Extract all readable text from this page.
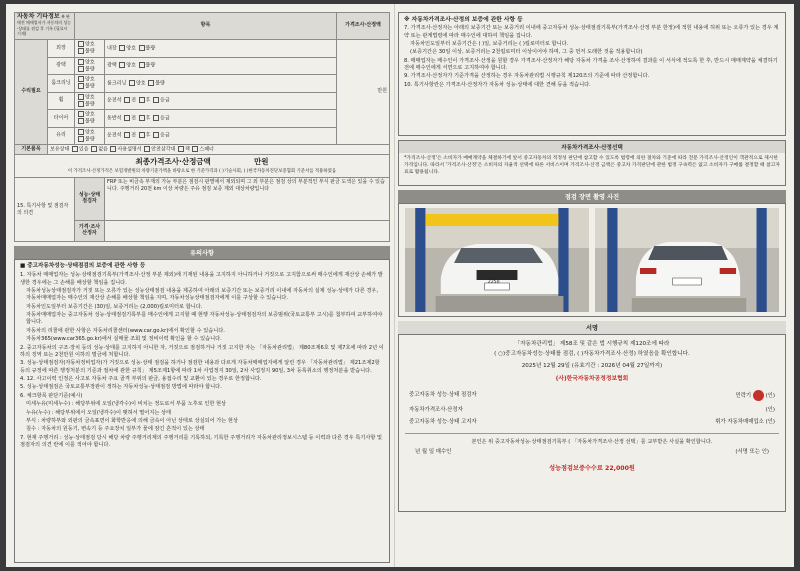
자동차 기타정보 ※ 판매전 매매업자가 자동차의 성능·상태를 점검 후 기록 (필요시 기재)		항목		가격조사·산정액
수리필요	외장	양호 불량	내장 양호 불량	만원
	광택	양호 불량	광택 양호 불량	
	룸크리닝	양호 불량	룸크리닝 양호 불량	
	휠	양호 불량	운전석 전 후 응급	
	타이어	양호 불량	동반석 전 후 응급	
	유리	양호 불량	운전석 전 후 응급	
기본품목	보유상태 있음 없음 사용설명서 안전삼각대 잭 스패너			
최종가격조사·산정금액 만원
이 가격조사·산정가격은 보험개발원의 차량기준가액을 바탕으로 한 기준가격과 ( )기술사회, ( )한국자동차진단보증협회 기준서를 적용하였음				

15. 특기사항 및 점검자의 의견		성능·상태점검자	FRP 또는 비금속 부재의 가능 부분은 점검시 판별에서 제외되며 그 외 부분은 점검 상의 부분적인 부식 판금 도색은 있을 수 있습니다. 주행거리 20천 km 이상 차량은 주유 점검 보증 제외 대상차량입니다	
		가격·조사 산정자		
유의사항

■ 중고자동차성능·상태점검의 보증에 관한 사항 등

1. 자동차 매매업자는 성능·상태점검기록부(가격조사·산정 부분 제외)에 기재된 내용을 고지하지 아니하거나 거짓으로 고지함으로써 매수인에게 재산상 손해가 발생한 경우에는 그 손해를 배상할 책임을 집니다.

자동차성능상태점검자가 거짓 또는 오류가 있는 성능상태점검 내용을 제공하여 아래의 보증기간 또는 보증거리 이내에 자동차의 실제 성능·상태가 다른 경우, 자동차매매업자는 매수인의 재산상 손해를 배상할 책임을 지며, 자동차성능상태점검자에게 이를 구상할 수 있습니다.

자동차인도일부터 보증기간은 (30)일, 보증거리는 (2,000)킬로미터로 합니다.

자동차매매업자는 중고자동차 성능·상태점검기록부를 매수인에게 고지할 때 현행 자동차성능·상태점검자의 보증범위(국토교통부 고시)를 첨부하여 교부하여야 합니다.

자동차의 리콜에 관한 사항은 자동차리콜센터(www.car.go.kr)에서 확인할 수 있습니다.

자동차365(www.car365.go.kr)에서 실매물 조회 및 정비이력 확인을 할 수 있습니다.

2. 중고자동차의 구조·장치 등의 성능·상태를 고지하지 아니한 자, 거짓으로 점검하거나 거짓 고지한 자는 「자동차관리법」 제80조제6호 및 제7호에 따라 2년 이하의 징역 또는 2천만원 이하의 벌금에 처합니다.

3. 성능·상태점검자(자동차정비업자)가 거짓으로 성능·상태 점검을 하거나 점검한 내용과 다르게 자동차매매업자에게 알린 경우 「자동차관리법」 제21조제2항 등의 규정에 따른 행정처분의 기준과 절차에 관한 규칙」 제5조제1항에 따라 1차 사업정지 30일, 2차 사업정지 90일, 3차 등록취소의 행정처분을 받습니다.

4. 12. 사고이력 인정은 사고로 자동차 주요 골격 부위의 판금, 용접수리 및 교환이 있는 경우로 한정합니다.

5. 성능·상태점검은 국토교통부장관이 정하는 자동차성능·상태점검 방법에 따라야 합니다.

6. 체크항목 판단기준(예시)

미세누유(미세누수) : 해당부위에 오일(냉각수)이 비치는 정도로서 부품 노후로 인한 현상

누유(누수) : 해당부위에서 오일(냉각수)이 맺혀서 떨어지는 상태

부식 : 차량하부와 외판의 금속표면이 화학반응에 의해 금속이 아닌 상태로 상실되어 가는 현상

침수 : 자동차의 원동기, 변속기 등 주요장치 일부가 물에 잠긴 흔적이 있는 상태

7. 현재 주행거리 : 성능·상태점검 당시 해당 차량 주행거리계의 주행거리를 기록하되, 기록한 주행거리가 자동차관리정보시스템 등 이력과 다른 경우 특기사항 및 점검자의 의견 란에 이를 적어야 합니다.

※ 자동차가격조사·산정의 보증에 관한 사항 등

7. 가격조사·산정자는 아래의 보증기간 또는 보증거리 이내에 중고자동차 성능·상태점검기록부(가격조사·산정 부분 한정)에 적힌 내용에 허위 또는 오류가 있는 경우 계약 또는 관계법령에 따라 매수인에 대하여 책임을 집니다.

자동차인도일부터 보증기간은 ( )일, 보증거리는 ( )킬로미터로 합니다.

(보증기간은 30일 이상, 보증거리는 2천킬로미터 이상이어야 하며, 그 중 먼저 도래한 것을 적용합니다)

8. 매매업자는 매수인이 가격조사·산정을 원할 경우 가격조사·산정자가 해당 자동차 가격을 조사·산정하여 결과를 이 서식에 적도록 한 후, 반드시 매매계약을 체결하기 전에 매수인에게 서면으로 고지하여야 합니다.

9. 가격조사·산정자가 기준가격을 산정하는 경우 자동차관리법 시행규칙 제120조의 기준에 따라 산정합니다.

10. 특기사항란은 가격조사·산정자가 자동차 성능·상태에 대한 견해 등을 적습니다.

자동차가격조사·산정선택
*가격조사·산정'은 소비자가 매매계약을 체결하기에 앞서 중고자동차의 적정성 판단에 참고할 수 있도록 법령에 의한 절차와 기준에 따라 전문 가격조사·산정인이 객관적으로 제시한 가격입니다. 따라서 '가격조사·산정'은 소비자의 자율적 선택에 따른 서비스이며 가격조사·산정 금액은 중고차 가격판단에 관한 법정 구속력은 없고 소비자가 구매를 결정할 때 참고자료로 활용됩니다.
점검 장면 촬영 사진
2250
서명
「자동차관리법」 제58조 및 같은 법 시행규칙 제120조에 따라
( ○)중고자동차성능·상태를 점검, ( )자동차가격조사·산정) 하였음을 확인합니다.
2025년 12월 29일 (유효기간 : 2026년 04월 27일까지)
(사)한국자동차공정정보협회
중고자동차 성능·상태 점검자	민락기	(인)
자동차가격조사·산정자	(인)
중고자동차 성능·상태 고지자	휘가 자동차매매업소 (인)
본인은 위 중고자동차성능·상태점검기록부 ( 「자동차가격조사·산정 선택」를 교부받은 사실을 확인합니다.
년 월 일 매수인	(서명 또는 인)
성능점검보증수수료 22,000원
